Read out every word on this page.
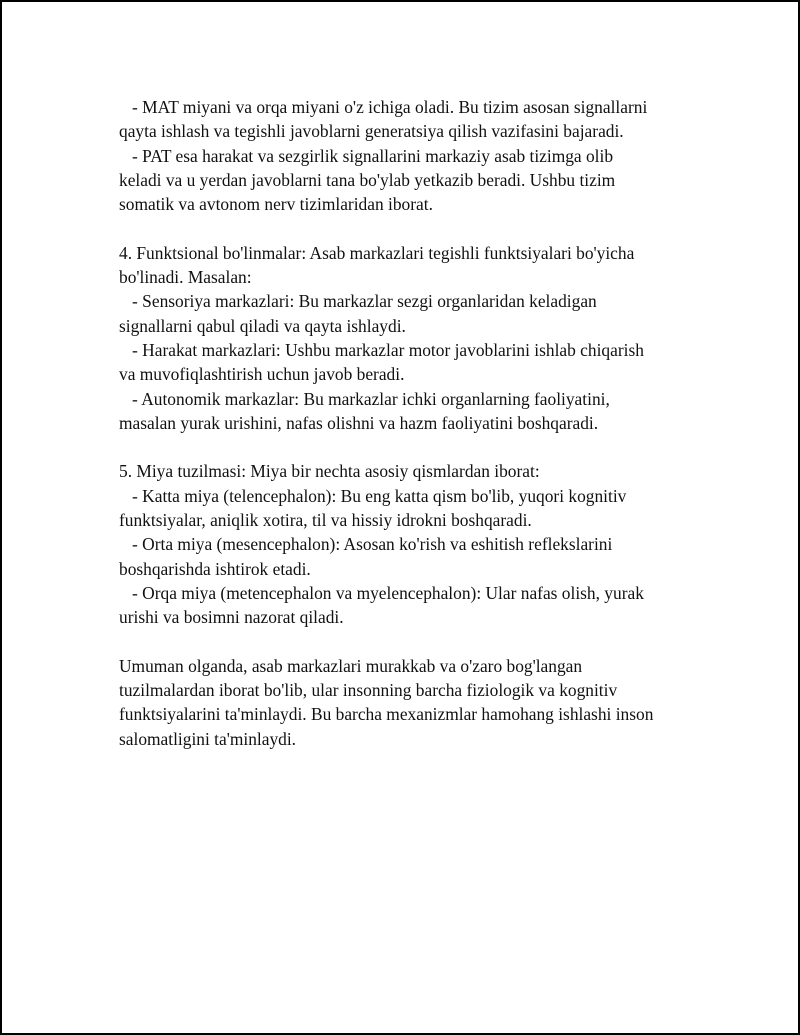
- MAT miyani va orqa miyani o'z ichiga oladi. Bu tizim asosan signallarni
qayta ishlash va tegishli javoblarni generatsiya qilish vazifasini bajaradi.
- PAT esa harakat va sezgirlik signallarini markaziy asab tizimga olib
keladi va u yerdan javoblarni tana bo'ylab yetkazib beradi. Ushbu tizim
somatik va avtonom nerv tizimlaridan iborat.
4. Funktsional bo'linmalar: Asab markazlari tegishli funktsiyalari bo'yicha
bo'linadi. Masalan:
- Sensoriya markazlari: Bu markazlar sezgi organlaridan keladigan
signallarni qabul qiladi va qayta ishlaydi.
- Harakat markazlari: Ushbu markazlar motor javoblarini ishlab chiqarish
va muvofiqlashtirish uchun javob beradi.
- Autonomik markazlar: Bu markazlar ichki organlarning faoliyatini,
masalan yurak urishini, nafas olishni va hazm faoliyatini boshqaradi.
5. Miya tuzilmasi: Miya bir nechta asosiy qismlardan iborat:
- Katta miya (telencephalon): Bu eng katta qism bo'lib, yuqori kognitiv
funktsiyalar, aniqlik xotira, til va hissiy idrokni boshqaradi.
- Orta miya (mesencephalon): Asosan ko'rish va eshitish reflekslarini
boshqarishda ishtirok etadi.
- Orqa miya (metencephalon va myelencephalon): Ular nafas olish, yurak
urishi va bosimni nazorat qiladi.
Umuman olganda, asab markazlari murakkab va o'zaro bog'langan
tuzilmalardan iborat bo'lib, ular insonning barcha fiziologik va kognitiv
funktsiyalarini ta'minlaydi. Bu barcha mexanizmlar hamohang ishlashi inson
salomatligini ta'minlaydi.
